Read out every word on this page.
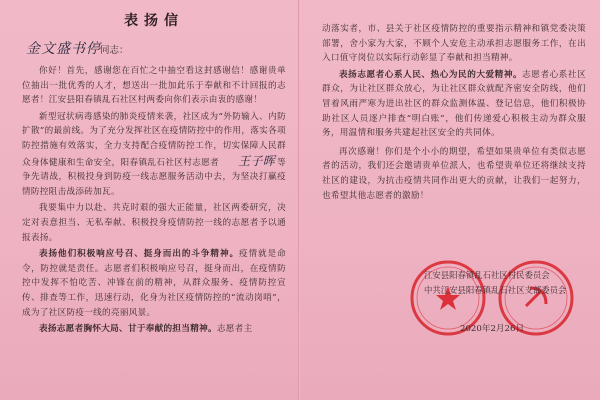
表扬信
金文盛书停 同志：

你好！首先，感谢您在百忙之中抽空看这封感谢信！感谢贵单位抽出一批优秀的人才，想送出一批加此乐于奉献和不计回报的志愿者！江安县阳春镇乱石社区村两委向你们表示由衷的感谢！

新型冠状病毒感染的肺炎疫情来袭，社区成为“外防输入、内防扩散”的最前线。为了充分发挥社区在疫情防控中的作用，落实各项防控措施有效落实，全力支持配合疫情防控工作，切实保障人民群众身体健康和生命安全，阳春镇乱石社区村志愿者 王子晖 等争先请战，积极投身到防疫一线志愿服务活动中去，为坚决打赢疫情防控阻击战添砖加瓦。

我要集中力以赴、共克时艰的强大正能量，社区两委研究，决定对表意担当、无私奉献、积极投身疫情防控一线的志愿者予以通报表扬。

表扬他们积极响应号召、挺身而出的斗争精神。疫情就是命令，防控就是责任。志愿者们积极响应号召，挺身而出，在疫情防控中发挥不怕吃苦、冲锋在前的精神，从群众服务、疫情防控宣传、排查等工作，迅速行动，化身为社区疫情防控的“流动岗哨”，成为了社区防疫一线的亮丽风景。

表扬志愿者胸怀大局、甘于奉献的担当精神。志愿者主

动落实者，市、县关于社区疫情防控的重要指示精神和镇党委决策部署，舍小家为大家，不顾个人安危主动承担志愿服务工作，在出入口值守岗位以实际行动彰显了奉献和担当精神。

表扬志愿者心系人民、热心为民的大爱精神。志愿者心系社区群众，为让社区群众放心，为让社区群众就配齐密安全防线，他们冒着风雨严寒为进出社区的群众监测体温、登记信息，他们积极协助社区人员逐户排查“明白账”，他们传递爱心积极主动为群众服务，用温情和服务共建起社区安全的共同体。

再次感谢！你们是个小小的期望，希望如果贵单位有类似志愿者的活动，我们还会邀请贵单位派人，也希望贵单位还将继续支持社区的建设，为抗击疫情共同作出更大的贡献，让我们一起努力，也希望其他志愿者的激励！

江安县阳春镇乱石社区村民委员会
中共江安县阳春镇乱石社区支部委员会
2020年2月26日
